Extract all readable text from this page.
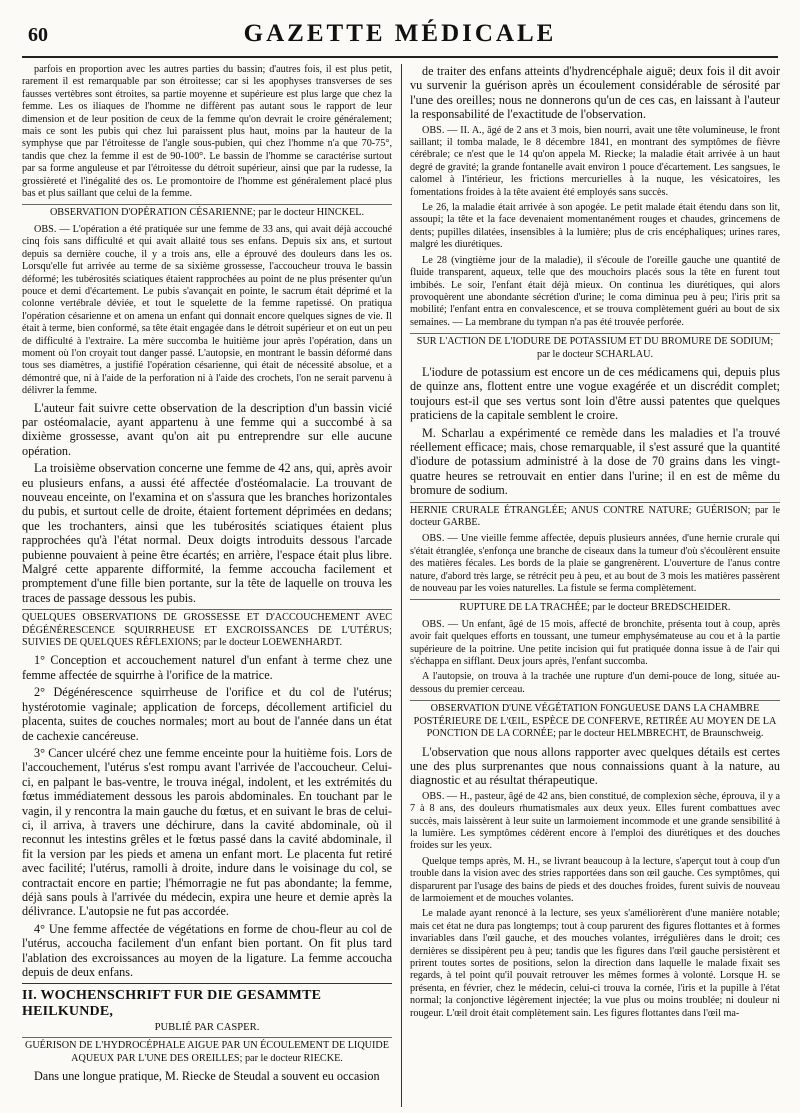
60	GAZETTE MÉDICALE

parfois en proportion avec les autres parties du bassin; d'autres fois, il est plus petit, rarement il est remarquable par son étroitesse; car si les apophyses transverses de ses fausses vertèbres sont étroites, sa partie moyenne et supérieure est plus large que chez la femme. Les os iliaques de l'homme ne diffèrent pas autant sous le rapport de leur dimension et de leur position de ceux de la femme qu'on devrait le croire généralement; mais ce sont les pubis qui chez lui paraissent plus haut, moins par la hauteur de la symphyse que par l'étroitesse de l'angle sous-pubien, qui chez l'homme n'a que 70-75°, tandis que chez la femme il est de 90-100°. Le bassin de l'homme se caractérise surtout par sa forme anguleuse et par l'étroitesse du détroit supérieur, ainsi que par la rudesse, la grossièreté et l'inégalité des os. Le promontoire de l'homme est généralement placé plus bas et plus saillant que celui de la femme.

OBSERVATION D'OPÉRATION CÉSARIENNE; par le docteur HINCKEL.

OBS. — L'opération a été pratiquée sur une femme de 33 ans, qui avait déjà accouché cinq fois sans difficulté et qui avait allaité tous ses enfans. Depuis six ans, et surtout depuis sa dernière couche, il y a trois ans, elle a éprouvé des douleurs dans les os. Lorsqu'elle fut arrivée au terme de sa sixième grossesse, l'accoucheur trouva le bassin déformé; les tubérosités sciatiques étaient rapprochées au point de ne plus présenter qu'un pouce et demi d'écartement. Le pubis s'avançait en pointe, le sacrum était déprimé et la colonne vertébrale déviée, et tout le squelette de la femme rapetissé. On pratiqua l'opération césarienne et on amena un enfant qui donnait encore quelques signes de vie. Il était à terme, bien conformé, sa tête était engagée dans le détroit supérieur et on eut un peu de difficulté à l'extraire. La mère succomba le huitième jour après l'opération, dans un moment où l'on croyait tout danger passé. L'autopsie, en montrant le bassin déformé dans tous ses diamètres, a justifié l'opération césarienne, qui était de nécessité absolue, et a démontré que, ni à l'aide de la perforation ni à l'aide des crochets, l'on ne serait parvenu à délivrer la femme.

L'auteur fait suivre cette observation de la description d'un bassin vicié par ostéomalacie, ayant appartenu à une femme qui a succombé à sa dixième grossesse, avant qu'on ait pu entreprendre sur elle aucune opération.

La troisième observation concerne une femme de 42 ans, qui, après avoir eu plusieurs enfans, a aussi été affectée d'ostéomalacie. La trouvant de nouveau enceinte, on l'examina et on s'assura que les branches horizontales du pubis, et surtout celle de droite, étaient fortement déprimées en dedans; que les trochanters, ainsi que les tubérosités sciatiques étaient plus rapprochées qu'à l'état normal. Deux doigts introduits dessous l'arcade pubienne pouvaient à peine être écartés; en arrière, l'espace était plus libre. Malgré cette apparente difformité, la femme accoucha facilement et promptement d'une fille bien portante, sur la tête de laquelle on trouva les traces de passage dessous les pubis.

QUELQUES OBSERVATIONS DE GROSSESSE ET D'ACCOUCHEMENT AVEC DÉGÉNÉRESCENCE SQUIRRHEUSE ET EXCROISSANCES DE L'UTÉRUS; SUIVIES DE QUELQUES RÉFLEXIONS; par le docteur LOEWENHARDT.

1° Conception et accouchement naturel d'un enfant à terme chez une femme affectée de squirrhe à l'orifice de la matrice.

2° Dégénérescence squirrheuse de l'orifice et du col de l'utérus; hystérotomie vaginale; application de forceps, décollement artificiel du placenta, suites de couches normales; mort au bout de l'année dans un état de cachexie cancéreuse.

3° Cancer ulcéré chez une femme enceinte pour la huitième fois. Lors de l'accouchement, l'utérus s'est rompu avant l'arrivée de l'accoucheur. Celui-ci, en palpant le bas-ventre, le trouva inégal, indolent, et les extrémités du fœtus immédiatement dessous les parois abdominales. En touchant par le vagin, il y rencontra la main gauche du fœtus, et en suivant le bras de celui-ci, il arriva, à travers une déchirure, dans la cavité abdominale, où il reconnut les intestins grêles et le fœtus passé dans la cavité abdominale, il fit la version par les pieds et amena un enfant mort. Le placenta fut retiré avec facilité; l'utérus, ramolli à droite, indure dans le voisinage du col, se contractait encore en partie; l'hémorragie ne fut pas abondante; la femme, déjà sans pouls à l'arrivée du médecin, expira une heure et demie après la délivrance. L'autopsie ne fut pas accordée.

4° Une femme affectée de végétations en forme de chou-fleur au col de l'utérus, accoucha facilement d'un enfant bien portant. On fit plus tard l'ablation des excroissances au moyen de la ligature. La femme accoucha depuis de deux enfans.

II. WOCHENSCHRIFT FUR DIE GESAMMTE HEILKUNDE,
PUBLIÉ PAR CASPER.
GUÉRISON DE L'HYDROCÉPHALE AIGUE PAR UN ÉCOULEMENT DE LIQUIDE AQUEUX PAR L'UNE DES OREILLES; par le docteur RIECKE.

Dans une longue pratique, M. Riecke de Steudal a souvent eu occasion

de traiter des enfans atteints d'hydrencéphale aiguë; deux fois il dit avoir vu survenir la guérison après un écoulement considérable de sérosité par l'une des oreilles; nous ne donnerons qu'un de ces cas, en laissant à l'auteur la responsabilité de l'exactitude de l'observation.

OBS. — II. A., âgé de 2 ans et 3 mois, bien nourri, avait une tête volumineuse, le front saillant; il tomba malade, le 8 décembre 1841, en montrant des symptômes de fièvre cérébrale; ce n'est que le 14 qu'on appela M. Riecke; la maladie était arrivée à un haut degré de gravité; la grande fontanelle avait environ 1 pouce d'écartement. Les sangsues, le calomel à l'intérieur, les frictions mercurielles à la nuque, les vésicatoires, les fomentations froides à la tête avaient été employés sans succès.

Le 26, la maladie était arrivée à son apogée. Le petit malade était étendu dans son lit, assoupi; la tête et la face devenaient momentanément rouges et chaudes, grincemens de dents; pupilles dilatées, insensibles à la lumière; plus de cris encéphaliques; urines rares, malgré les diurétiques.

Le 28 (vingtième jour de la maladie), il s'écoule de l'oreille gauche une quantité de fluide transparent, aqueux, telle que des mouchoirs placés sous la tête en furent tout imbibés. Le soir, l'enfant était déjà mieux. On continua les diurétiques, qui alors provoquèrent une abondante sécrétion d'urine; le coma diminua peu à peu; l'iris prit sa mobilité; l'enfant entra en convalescence, et se trouva complètement guéri au bout de six semaines. — La membrane du tympan n'a pas été trouvée perforée.

SUR L'ACTION DE L'IODURE DE POTASSIUM ET DU BROMURE DE SODIUM; par le docteur SCHARLAU.

L'iodure de potassium est encore un de ces médicamens qui, depuis plus de quinze ans, flottent entre une vogue exagérée et un discrédit complet; toujours est-il que ses vertus sont loin d'être aussi patentes que quelques praticiens de la capitale semblent le croire.

M. Scharlau a expérimenté ce remède dans les maladies et l'a trouvé réellement efficace; mais, chose remarquable, il s'est assuré que la quantité d'iodure de potassium administré à la dose de 70 grains dans les vingt-quatre heures se retrouvait en entier dans l'urine; il en est de même du bromure de sodium.

HERNIE CRURALE ÉTRANGLÉE; ANUS CONTRE NATURE; GUÉRISON; par le docteur GARBE.

OBS. — Une vieille femme affectée, depuis plusieurs années, d'une hernie crurale qui s'était étranglée, s'enfonça une branche de ciseaux dans la tumeur d'où s'écoulèrent ensuite des matières fécales. Les bords de la plaie se gangrenèrent. L'ouverture de l'anus contre nature, d'abord très large, se rétrécit peu à peu, et au bout de 3 mois les matières passèrent de nouveau par les voies naturelles. La fistule se ferma complètement.

RUPTURE DE LA TRACHÉE; par le docteur BREDSCHEIDER.

OBS. — Un enfant, âgé de 15 mois, affecté de bronchite, présenta tout à coup, après avoir fait quelques efforts en toussant, une tumeur emphysémateuse au cou et à la partie supérieure de la poitrine. Une petite incision qui fut pratiquée donna issue à de l'air qui s'échappa en sifflant. Deux jours après, l'enfant succomba.

A l'autopsie, on trouva à la trachée une rupture d'un demi-pouce de long, située au-dessous du premier cerceau.

OBSERVATION D'UNE VÉGÉTATION FONGUEUSE DANS LA CHAMBRE POSTÉRIEURE DE L'ŒIL, ESPÈCE DE CONFERVE, RETIRÉE AU MOYEN DE LA PONCTION DE LA CORNÉE; par le docteur HELMBRECHT, de Braunschweig.

L'observation que nous allons rapporter avec quelques détails est certes une des plus surprenantes que nous connaissions quant à la nature, au diagnostic et au résultat thérapeutique.

OBS. — H., pasteur, âgé de 42 ans, bien constitué, de complexion sèche, éprouva, il y a 7 à 8 ans, des douleurs rhumatismales aux deux yeux. Elles furent combattues avec succès, mais laissèrent à leur suite un larmoiement incommode et une grande sensibilité à la lumière. Les symptômes cédèrent encore à l'emploi des diurétiques et des douches froides sur les yeux.

Quelque temps après, M. H., se livrant beaucoup à la lecture, s'aperçut tout à coup d'un trouble dans la vision avec des stries rapportées dans son œil gauche. Ces symptômes, qui disparurent par l'usage des bains de pieds et des douches froides, furent suivis de nouveau de larmoiement et de mouches volantes.

Le malade ayant renoncé à la lecture, ses yeux s'améliorèrent d'une manière notable; mais cet état ne dura pas longtemps; tout à coup parurent des figures flottantes et à formes invariables dans l'œil gauche, et des mouches volantes, irrégulières dans le droit; ces dernières se dissipèrent peu à peu; tandis que les figures dans l'œil gauche persistèrent et prirent toutes sortes de positions, selon la direction dans laquelle le malade fixait ses regards, à tel point qu'il pouvait retrouver les mêmes formes à volonté. Lorsque H. se présenta, en février, chez le médecin, celui-ci trouva la cornée, l'iris et la pupille à l'état normal; la conjonctive légèrement injectée; la vue plus ou moins troublée; ni douleur ni rougeur. L'œil droit était complètement sain. Les figures flottantes dans l'œil ma-
